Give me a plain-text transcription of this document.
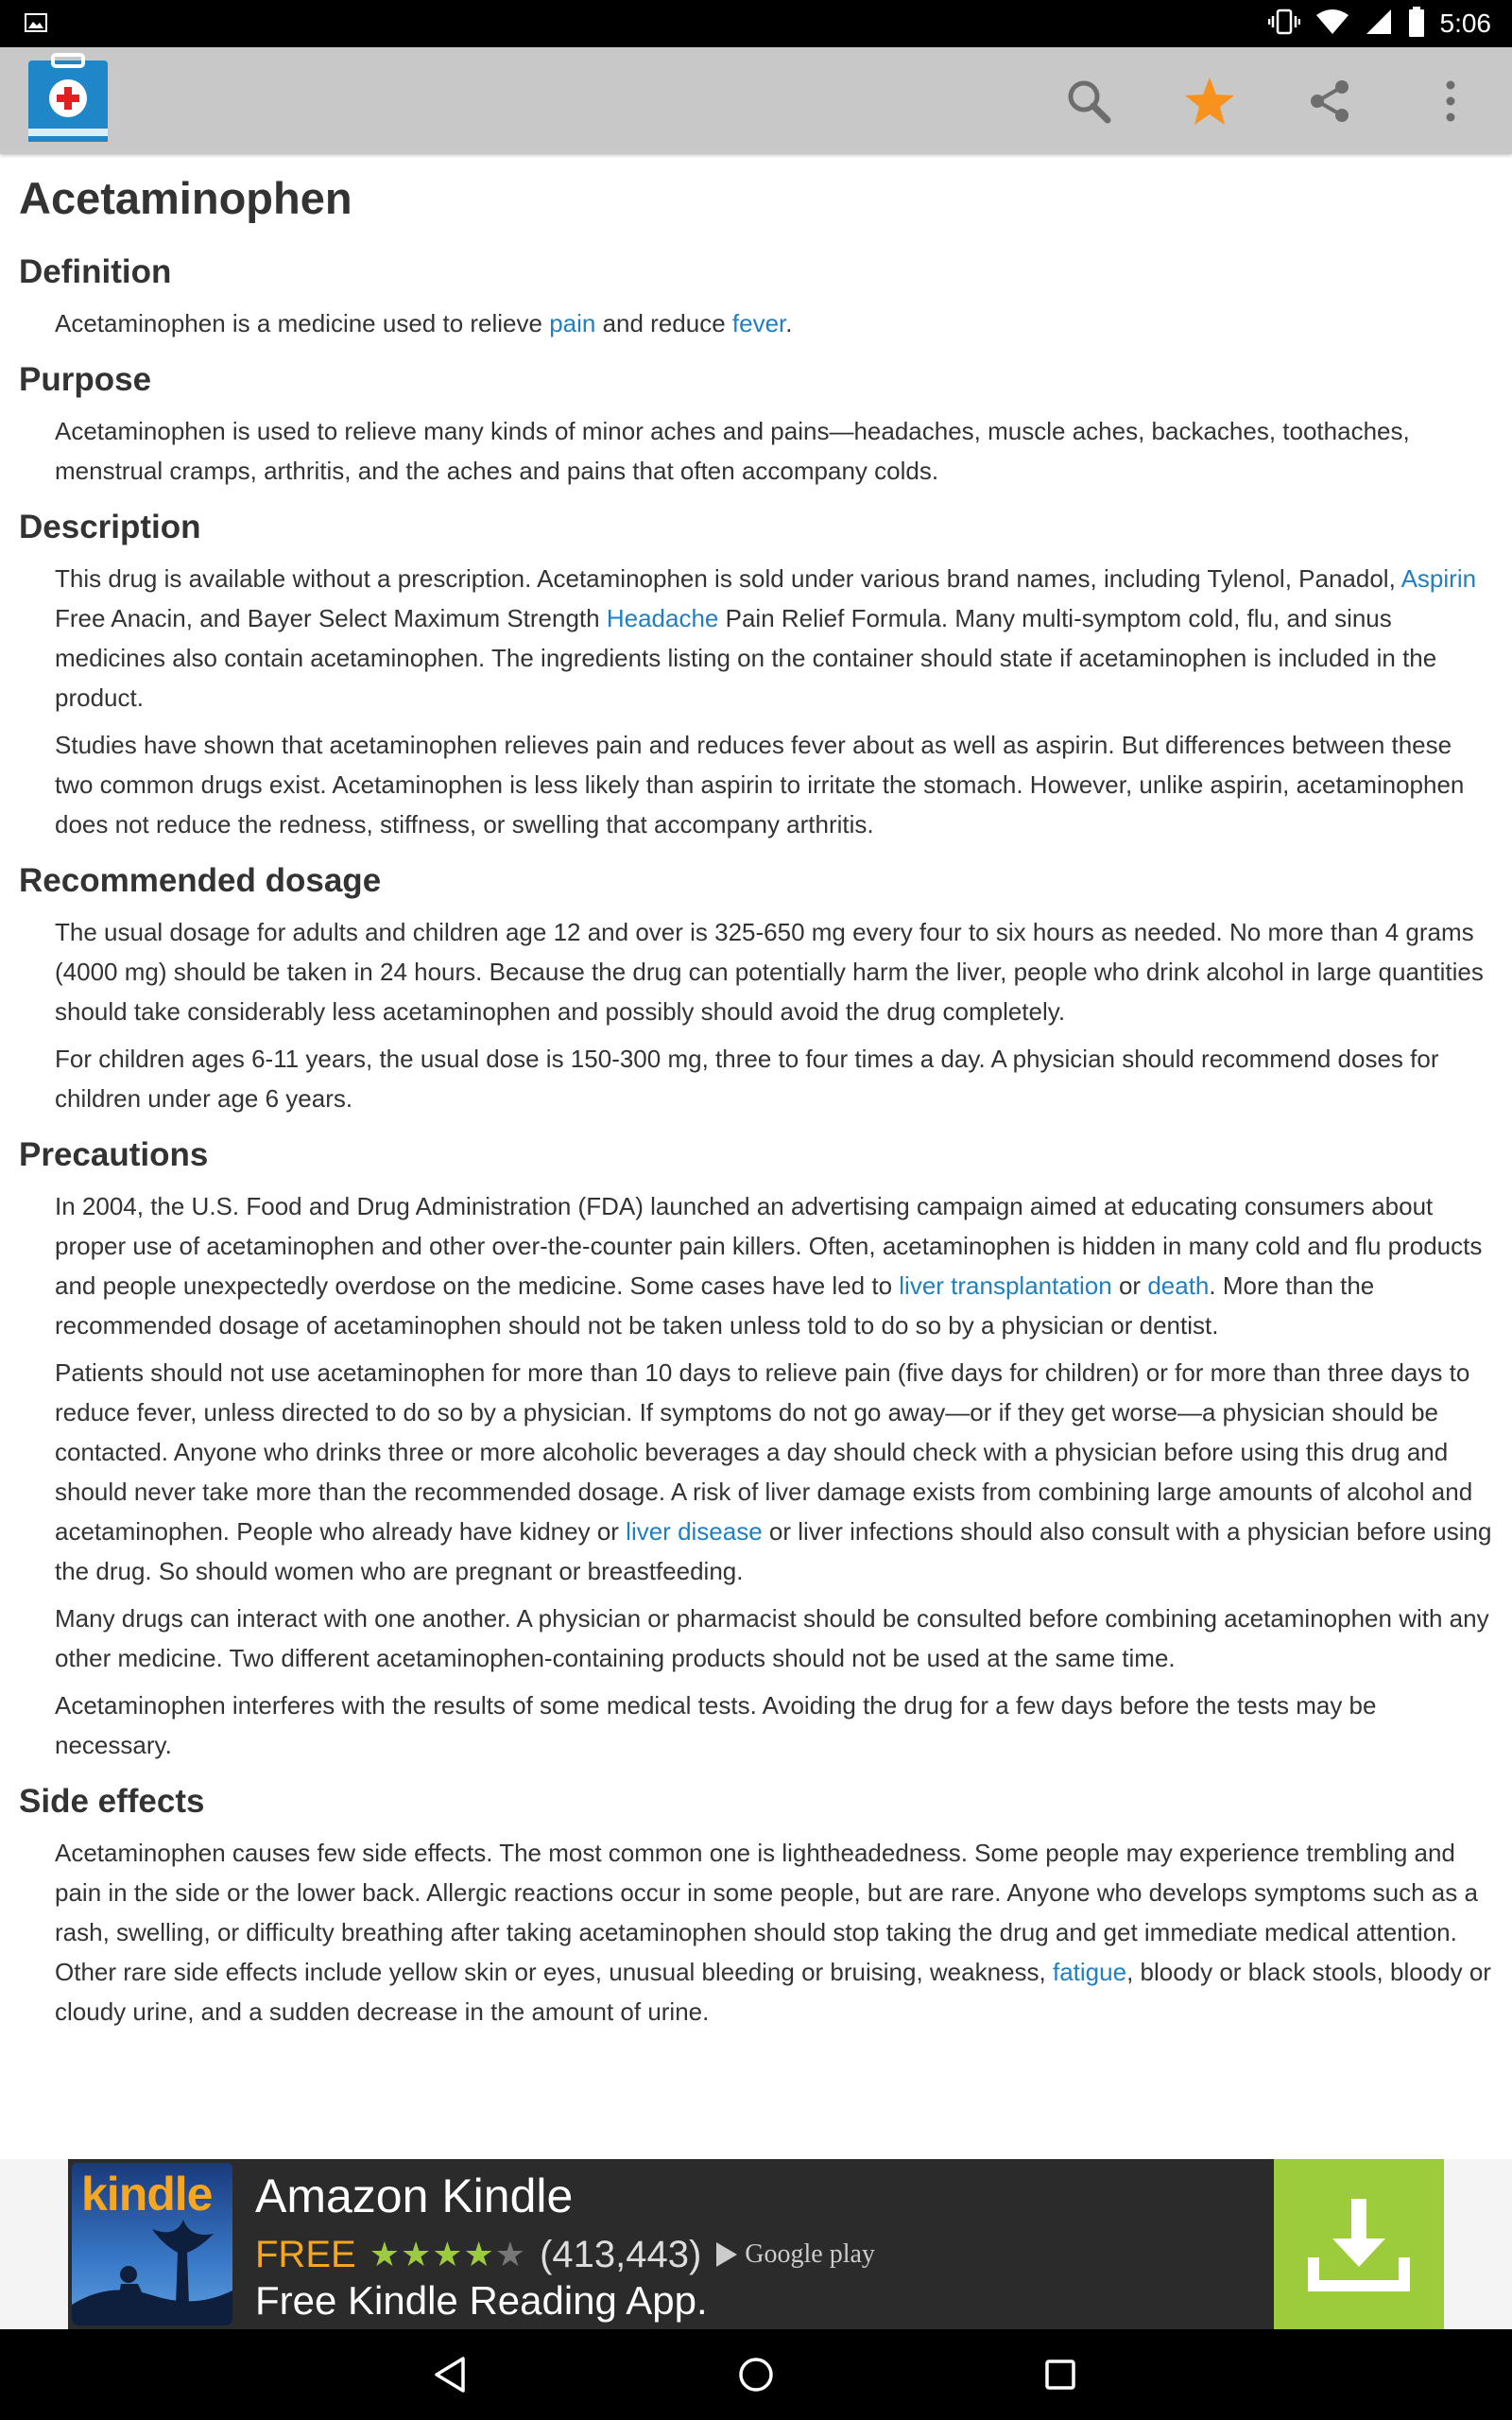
5:06
Acetaminophen
Definition

Acetaminophen is a medicine used to relieve pain and reduce fever.

Purpose

Acetaminophen is used to relieve many kinds of minor aches and pains—headaches, muscle aches, backaches, toothaches, menstrual cramps, arthritis, and the aches and pains that often accompany colds.

Description

This drug is available without a prescription. Acetaminophen is sold under various brand names, including Tylenol, Panadol, Aspirin Free Anacin, and Bayer Select Maximum Strength Headache Pain Relief Formula. Many multi-symptom cold, flu, and sinus medicines also contain acetaminophen. The ingredients listing on the container should state if acetaminophen is included in the product.

Studies have shown that acetaminophen relieves pain and reduces fever about as well as aspirin. But differences between these two common drugs exist. Acetaminophen is less likely than aspirin to irritate the stomach. However, unlike aspirin, acetaminophen does not reduce the redness, stiffness, or swelling that accompany arthritis.

Recommended dosage

The usual dosage for adults and children age 12 and over is 325-650 mg every four to six hours as needed. No more than 4 grams (4000 mg) should be taken in 24 hours. Because the drug can potentially harm the liver, people who drink alcohol in large quantities should take considerably less acetaminophen and possibly should avoid the drug completely.

For children ages 6-11 years, the usual dose is 150-300 mg, three to four times a day. A physician should recommend doses for children under age 6 years.

Precautions

In 2004, the U.S. Food and Drug Administration (FDA) launched an advertising campaign aimed at educating consumers about proper use of acetaminophen and other over-the-counter pain killers. Often, acetaminophen is hidden in many cold and flu products and people unexpectedly overdose on the medicine. Some cases have led to liver transplantation or death. More than the recommended dosage of acetaminophen should not be taken unless told to do so by a physician or dentist.

Patients should not use acetaminophen for more than 10 days to relieve pain (five days for children) or for more than three days to reduce fever, unless directed to do so by a physician. If symptoms do not go away—or if they get worse—a physician should be contacted. Anyone who drinks three or more alcoholic beverages a day should check with a physician before using this drug and should never take more than the recommended dosage. A risk of liver damage exists from combining large amounts of alcohol and acetaminophen. People who already have kidney or liver disease or liver infections should also consult with a physician before using the drug. So should women who are pregnant or breastfeeding.

Many drugs can interact with one another. A physician or pharmacist should be consulted before combining acetaminophen with any other medicine. Two different acetaminophen-containing products should not be used at the same time.

Acetaminophen interferes with the results of some medical tests. Avoiding the drug for a few days before the tests may be necessary.

Side effects

Acetaminophen causes few side effects. The most common one is lightheadedness. Some people may experience trembling and pain in the side or the lower back. Allergic reactions occur in some people, but are rare. Anyone who develops symptoms such as a rash, swelling, or difficulty breathing after taking acetaminophen should stop taking the drug and get immediate medical attention. Other rare side effects include yellow skin or eyes, unusual bleeding or bruising, weakness, fatigue, bloody or black stools, bloody or cloudy urine, and a sudden decrease in the amount of urine.

kindle Amazon Kindle
FREE ★★★★★ (413,443) Google play
Free Kindle Reading App.
